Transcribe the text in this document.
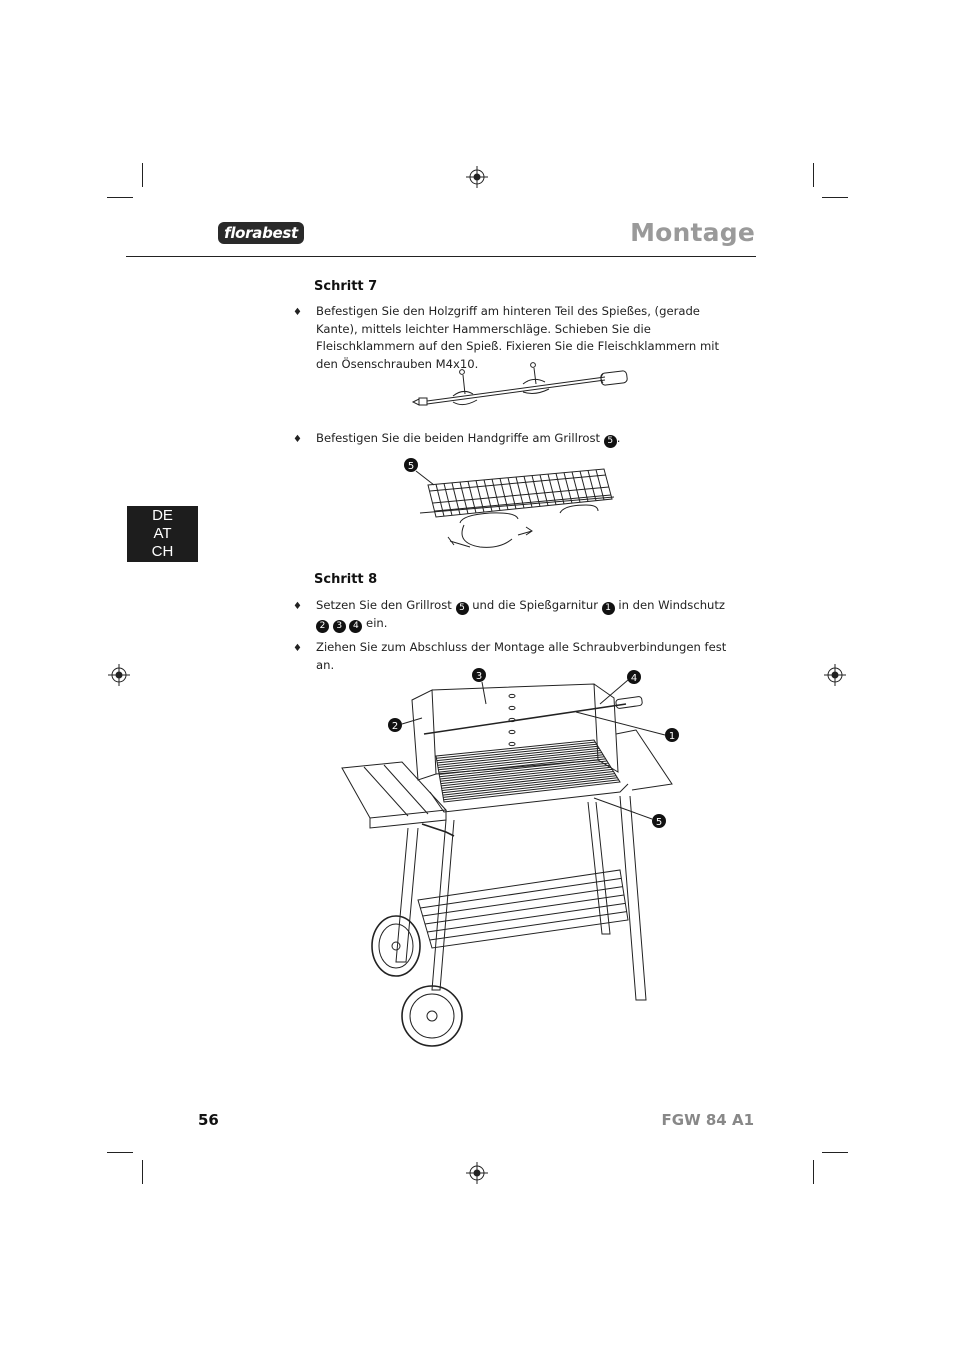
florabest	Montage
DE
AT
CH
Schritt 7
♦ Befestigen Sie den Holzgriff am hinteren Teil des Spießes, (gerade Kante), mittels leichter Hammerschläge. Schieben Sie die Fleischklammern auf den Spieß. Fixieren Sie die Fleischklammern mit den Ösenschrauben M4x10.
♦ Befestigen Sie die beiden Handgriffe am Grillrost 5 .
5
Schritt 8
♦ Setzen Sie den Grillrost 5 und die Spießgarnitur 1 in den Windschutz 2 3 4 ein.
♦ Ziehen Sie zum Abschluss der Montage alle Schraubverbindungen fest an.
3	4
2
1
5
56	FGW 84 A1
